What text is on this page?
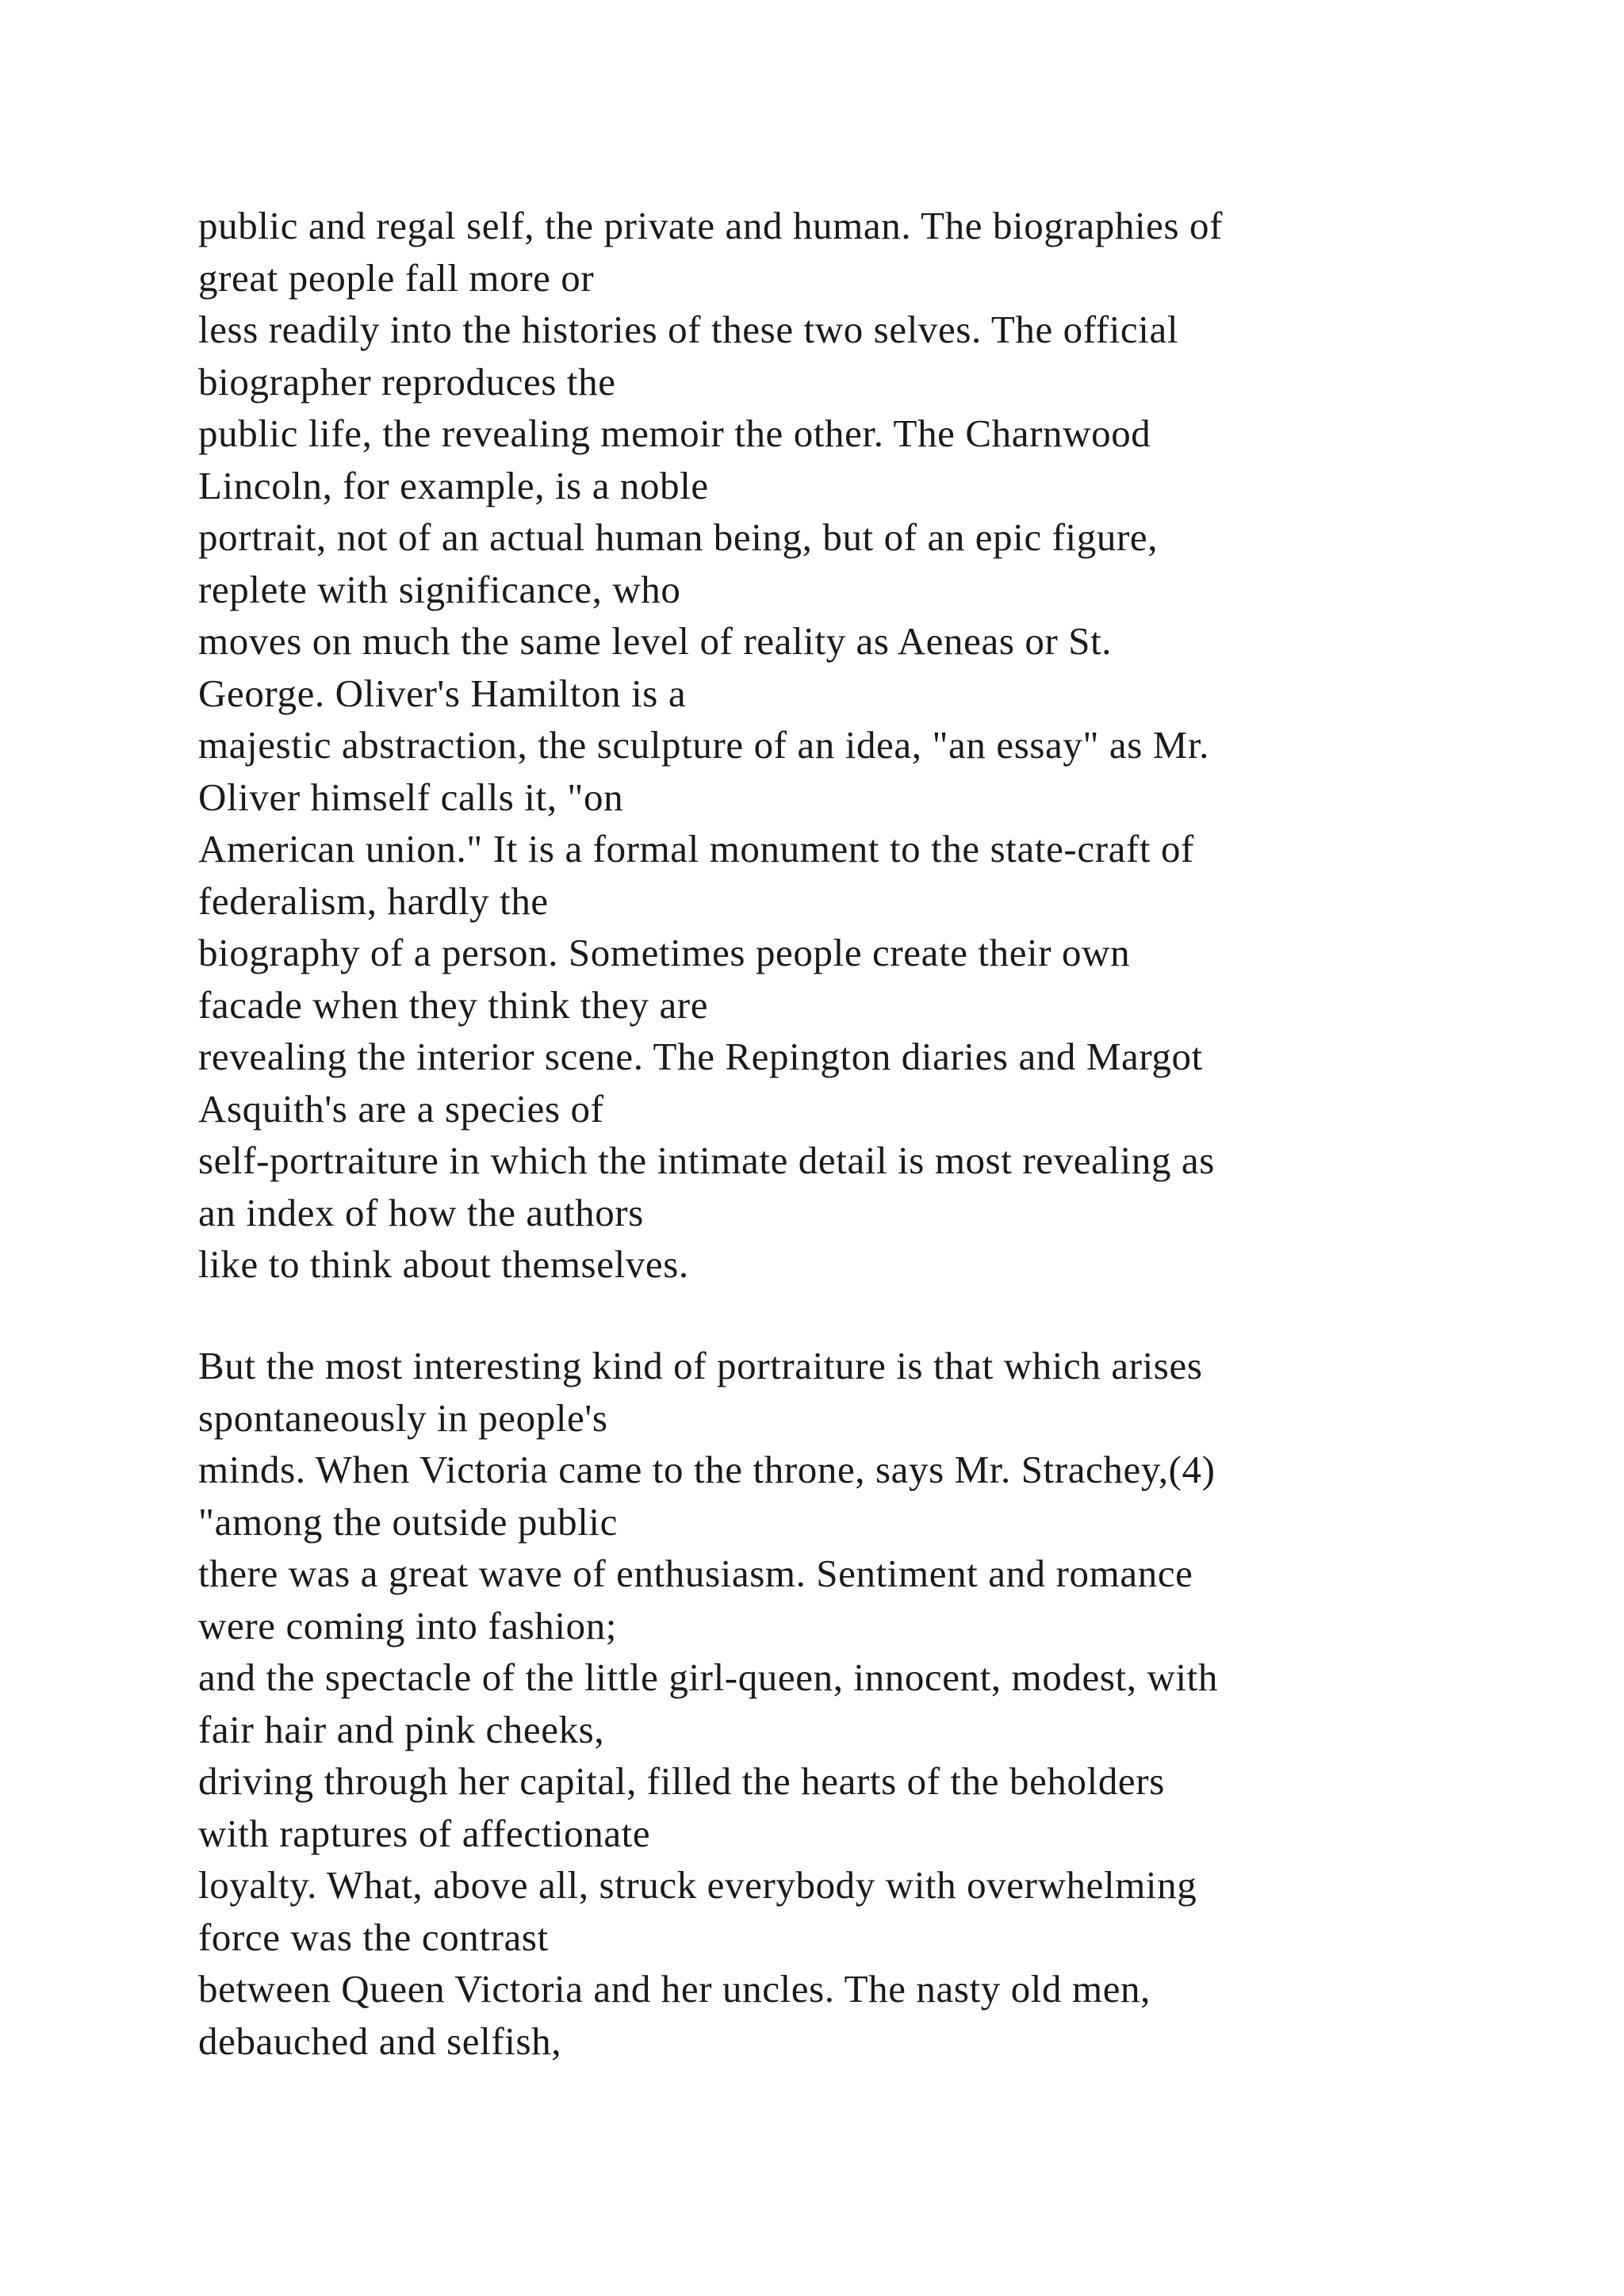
public and regal self, the private and human. The biographies of
great people fall more or
less readily into the histories of these two selves. The official
biographer reproduces the
public life, the revealing memoir the other. The Charnwood
Lincoln, for example, is a noble
portrait, not of an actual human being, but of an epic figure,
replete with significance, who
moves on much the same level of reality as Aeneas or St.
George. Oliver's Hamilton is a
majestic abstraction, the sculpture of an idea, "an essay" as Mr.
Oliver himself calls it, "on
American union." It is a formal monument to the state-craft of
federalism, hardly the
biography of a person. Sometimes people create their own
facade when they think they are
revealing the interior scene. The Repington diaries and Margot
Asquith's are a species of
self-portraiture in which the intimate detail is most revealing as
an index of how the authors
like to think about themselves.

But the most interesting kind of portraiture is that which arises
spontaneously in people's
minds. When Victoria came to the throne, says Mr. Strachey,(4)
"among the outside public
there was a great wave of enthusiasm. Sentiment and romance
were coming into fashion;
and the spectacle of the little girl-queen, innocent, modest, with
fair hair and pink cheeks,
driving through her capital, filled the hearts of the beholders
with raptures of affectionate
loyalty. What, above all, struck everybody with overwhelming
force was the contrast
between Queen Victoria and her uncles. The nasty old men,
debauched and selfish,
